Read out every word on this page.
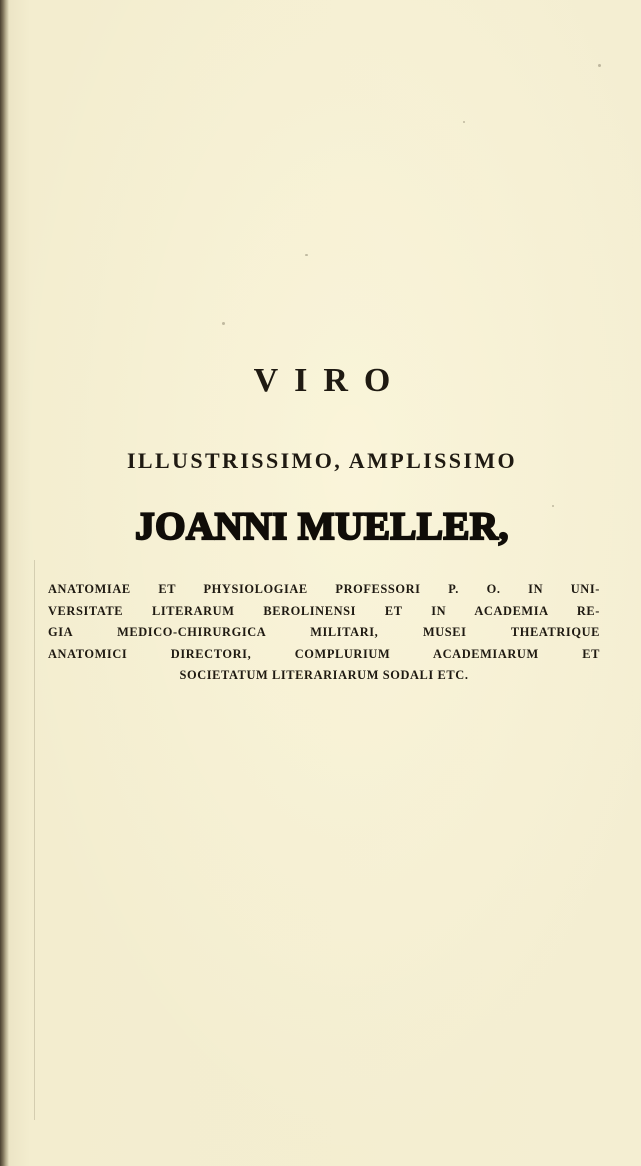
VIRO
ILLUSTRISSIMO, AMPLISSIMO
JOANNI MUELLER,
ANATOMIAE ET PHYSIOLOGIAE PROFESSORI P. O. IN UNI-
VERSITATE LITERARUM BEROLINENSI ET IN ACADEMIA RE-
GIA MEDICO-CHIRURGICA MILITARI, MUSEI THEATRIQUE
ANATOMICI DIRECTORI, COMPLURIUM ACADEMIARUM ET
SOCIETATUM LITERARIARUM SODALI ETC.
